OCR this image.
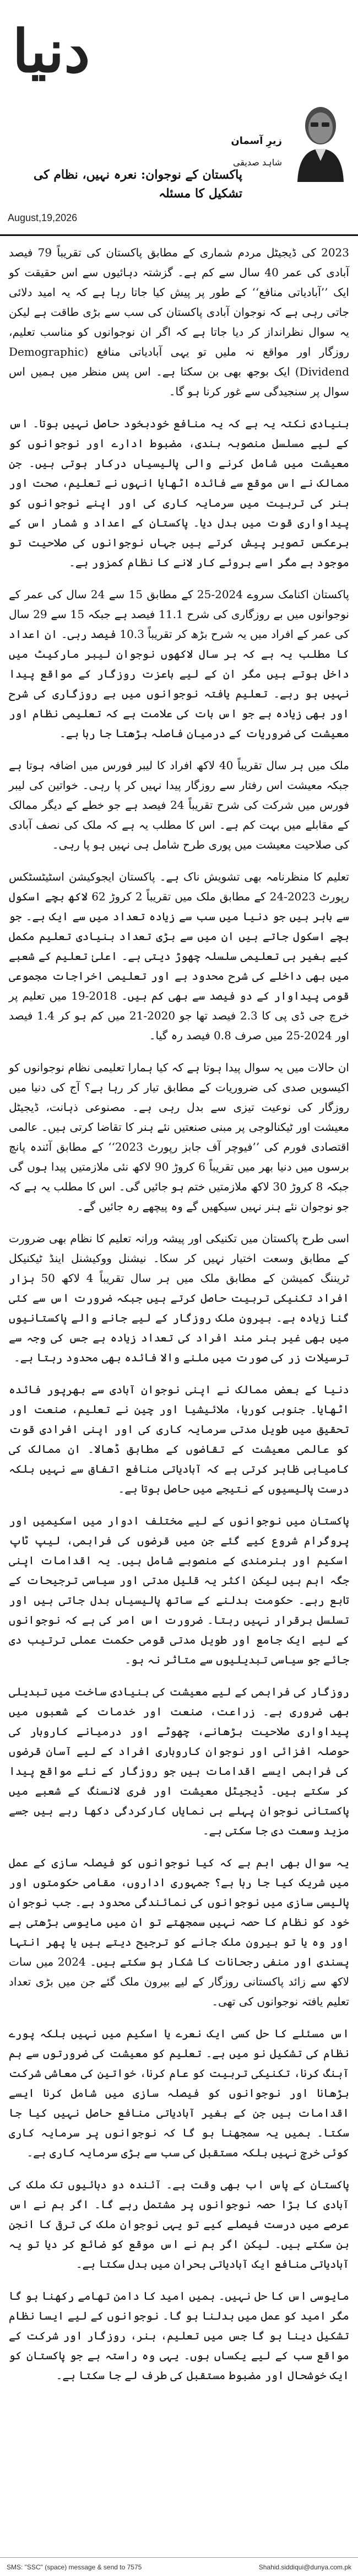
دنیا
زیرِ آسمان
شاہد صدیقی
پاکستان کے نوجوان: نعرہ نہیں، نظام کی تشکیل کا مسئلہ
August,19,2026

2023 کی ڈیجیٹل مردم شماری کے مطابق پاکستان کی تقریباً 79 فیصد آبادی کی عمر 40 سال سے کم ہے۔ گزشتہ دہائیوں سے اس حقیقت کو ایک ’’آبادیاتی منافع‘‘ کے طور پر پیش کیا جاتا رہا ہے کہ یہ امید دلائی جاتی رہی ہے کہ نوجوان آبادی پاکستان کی سب سے بڑی طاقت ہے لیکن یہ سوال نظرانداز کر دیا جاتا ہے کہ اگر ان نوجوانوں کو مناسب تعلیم، روزگار اور مواقع نہ ملیں تو یہی آبادیاتی منافع (Demographic Dividend) ایک بوجھ بھی بن سکتا ہے۔ اس پس منظر میں ہمیں اس سوال پر سنجیدگی سے غور کرنا ہو گا۔

بنیادی نکتہ یہ ہے کہ یہ منافع خودبخود حاصل نہیں ہوتا۔ اس کے لیے مسلسل منصوبہ بندی، مضبوط ادارے اور نوجوانوں کو معیشت میں شامل کرنے والی پالیسیاں درکار ہوتی ہیں۔ جن ممالک نے اس موقع سے فائدہ اٹھایا انہوں نے تعلیم، صحت اور ہنر کی تربیت میں سرمایہ کاری کی اور اپنے نوجوانوں کو پیداواری قوت میں بدل دیا۔ پاکستان کے اعداد و شمار اس کے برعکس تصویر پیش کرتے ہیں جہاں نوجوانوں کی صلاحیت تو موجود ہے مگر اسے بروئے کار لانے کا نظام کمزور ہے۔

پاکستان اکنامک سروے 2024-25 کے مطابق 15 سے 24 سال کی عمر کے نوجوانوں میں بے روزگاری کی شرح 11.1 فیصد ہے جبکہ 15 سے 29 سال کی عمر کے افراد میں یہ شرح بڑھ کر تقریباً 10.3 فیصد رہی۔ ان اعداد کا مطلب یہ ہے کہ ہر سال لاکھوں نوجوان لیبر مارکیٹ میں داخل ہوتے ہیں مگر ان کے لیے باعزت روزگار کے مواقع پیدا نہیں ہو رہے۔ تعلیم یافتہ نوجوانوں میں بے روزگاری کی شرح اور بھی زیادہ ہے جو اس بات کی علامت ہے کہ تعلیمی نظام اور معیشت کی ضروریات کے درمیان فاصلہ بڑھتا جا رہا ہے۔

ملک میں ہر سال تقریباً 40 لاکھ افراد کا لیبر فورس میں اضافہ ہوتا ہے جبکہ معیشت اس رفتار سے روزگار پیدا نہیں کر پا رہی۔ خواتین کی لیبر فورس میں شرکت کی شرح تقریباً 24 فیصد ہے جو خطے کے دیگر ممالک کے مقابلے میں بہت کم ہے۔ اس کا مطلب یہ ہے کہ ملک کی نصف آبادی کی صلاحیت معیشت میں پوری طرح شامل ہی نہیں ہو پا رہی۔

تعلیم کا منظرنامہ بھی تشویش ناک ہے۔ پاکستان ایجوکیشن اسٹیٹسٹکس رپورٹ 2023-24 کے مطابق ملک میں تقریباً 2 کروڑ 62 لاکھ بچے اسکول سے باہر ہیں جو دنیا میں سب سے زیادہ تعداد میں سے ایک ہے۔ جو بچے اسکول جاتے ہیں ان میں سے بڑی تعداد بنیادی تعلیم مکمل کیے بغیر ہی تعلیمی سلسلہ چھوڑ دیتی ہے۔ اعلیٰ تعلیم کے شعبے میں بھی داخلے کی شرح محدود ہے اور تعلیمی اخراجات مجموعی قومی پیداوار کے دو فیصد سے بھی کم ہیں۔ 2018-19 میں تعلیم پر خرچ جی ڈی پی کا 2.3 فیصد تھا جو 2020-21 میں کم ہو کر 1.4 فیصد اور 2024-25 میں صرف 0.8 فیصد رہ گیا۔

ان حالات میں یہ سوال پیدا ہوتا ہے کہ کیا ہمارا تعلیمی نظام نوجوانوں کو اکیسویں صدی کی ضروریات کے مطابق تیار کر رہا ہے؟ آج کی دنیا میں روزگار کی نوعیت تیزی سے بدل رہی ہے۔ مصنوعی ذہانت، ڈیجیٹل معیشت اور ٹیکنالوجی پر مبنی صنعتیں نئے ہنر کا تقاضا کرتی ہیں۔ عالمی اقتصادی فورم کی ’’فیوچر آف جابز رپورٹ 2023‘‘ کے مطابق آئندہ پانچ برسوں میں دنیا بھر میں تقریباً 6 کروڑ 90 لاکھ نئی ملازمتیں پیدا ہوں گی جبکہ 8 کروڑ 30 لاکھ ملازمتیں ختم ہو جائیں گی۔ اس کا مطلب یہ ہے کہ جو نوجوان نئے ہنر نہیں سیکھیں گے وہ پیچھے رہ جائیں گے۔

اسی طرح پاکستان میں تکنیکی اور پیشہ ورانہ تعلیم کا نظام بھی ضرورت کے مطابق وسعت اختیار نہیں کر سکا۔ نیشنل ووکیشنل اینڈ ٹیکنیکل ٹریننگ کمیشن کے مطابق ملک میں ہر سال تقریباً 4 لاکھ 50 ہزار افراد تکنیکی تربیت حاصل کرتے ہیں جبکہ ضرورت اس سے کئی گنا زیادہ ہے۔ بیرون ملک روزگار کے لیے جانے والے پاکستانیوں میں بھی غیر ہنر مند افراد کی تعداد زیادہ ہے جس کی وجہ سے ترسیلات زر کی صورت میں ملنے والا فائدہ بھی محدود رہتا ہے۔

دنیا کے بعض ممالک نے اپنی نوجوان آبادی سے بھرپور فائدہ اٹھایا۔ جنوبی کوریا، ملائیشیا اور چین نے تعلیم، صنعت اور تحقیق میں طویل مدتی سرمایہ کاری کی اور اپنی افرادی قوت کو عالمی معیشت کے تقاضوں کے مطابق ڈھالا۔ ان ممالک کی کامیابی ظاہر کرتی ہے کہ آبادیاتی منافع اتفاق سے نہیں بلکہ درست پالیسیوں کے نتیجے میں حاصل ہوتا ہے۔

پاکستان میں نوجوانوں کے لیے مختلف ادوار میں اسکیمیں اور پروگرام شروع کیے گئے جن میں قرضوں کی فراہمی، لیپ ٹاپ اسکیم اور ہنرمندی کے منصوبے شامل ہیں۔ یہ اقدامات اپنی جگہ اہم ہیں لیکن اکثر یہ قلیل مدتی اور سیاسی ترجیحات کے تابع رہے۔ حکومت بدلنے کے ساتھ پالیسیاں بدل جاتی ہیں اور تسلسل برقرار نہیں رہتا۔ ضرورت اس امر کی ہے کہ نوجوانوں کے لیے ایک جامع اور طویل مدتی قومی حکمت عملی ترتیب دی جائے جو سیاسی تبدیلیوں سے متاثر نہ ہو۔

روزگار کی فراہمی کے لیے معیشت کی بنیادی ساخت میں تبدیلی بھی ضروری ہے۔ زراعت، صنعت اور خدمات کے شعبوں میں پیداواری صلاحیت بڑھانے، چھوٹے اور درمیانے کاروبار کی حوصلہ افزائی اور نوجوان کاروباری افراد کے لیے آسان قرضوں کی فراہمی ایسے اقدامات ہیں جو روزگار کے نئے مواقع پیدا کر سکتے ہیں۔ ڈیجیٹل معیشت اور فری لانسنگ کے شعبے میں پاکستانی نوجوان پہلے ہی نمایاں کارکردگی دکھا رہے ہیں جسے مزید وسعت دی جا سکتی ہے۔

یہ سوال بھی اہم ہے کہ کیا نوجوانوں کو فیصلہ سازی کے عمل میں شریک کیا جا رہا ہے؟ جمہوری اداروں، مقامی حکومتوں اور پالیسی سازی میں نوجوانوں کی نمائندگی محدود ہے۔ جب نوجوان خود کو نظام کا حصہ نہیں سمجھتے تو ان میں مایوسی بڑھتی ہے اور وہ یا تو بیرون ملک جانے کو ترجیح دیتے ہیں یا پھر انتہا پسندی اور منفی رجحانات کا شکار ہو سکتے ہیں۔ 2024 میں سات لاکھ سے زائد پاکستانی روزگار کے لیے بیرون ملک گئے جن میں بڑی تعداد تعلیم یافتہ نوجوانوں کی تھی۔

اس مسئلے کا حل کسی ایک نعرے یا اسکیم میں نہیں بلکہ پورے نظام کی تشکیل نو میں ہے۔ تعلیم کو معیشت کی ضرورتوں سے ہم آہنگ کرنا، تکنیکی تربیت کو عام کرنا، خواتین کی معاشی شرکت بڑھانا اور نوجوانوں کو فیصلہ سازی میں شامل کرنا ایسے اقدامات ہیں جن کے بغیر آبادیاتی منافع حاصل نہیں کیا جا سکتا۔ ہمیں یہ سمجھنا ہو گا کہ نوجوانوں پر سرمایہ کاری کوئی خرچ نہیں بلکہ مستقبل کی سب سے بڑی سرمایہ کاری ہے۔

پاکستان کے پاس اب بھی وقت ہے۔ آئندہ دو دہائیوں تک ملک کی آبادی کا بڑا حصہ نوجوانوں پر مشتمل رہے گا۔ اگر ہم نے اس عرصے میں درست فیصلے کیے تو یہی نوجوان ملک کی ترقی کا انجن بن سکتے ہیں۔ لیکن اگر ہم نے اس موقع کو ضائع کر دیا تو یہ آبادیاتی منافع ایک آبادیاتی بحران میں بدل سکتا ہے۔

مایوسی اس کا حل نہیں۔ ہمیں امید کا دامن تھامے رکھنا ہو گا مگر امید کو عمل میں بدلنا ہو گا۔ نوجوانوں کے لیے ایسا نظام تشکیل دینا ہو گا جس میں تعلیم، ہنر، روزگار اور شرکت کے مواقع سب کے لیے یکساں ہوں۔ یہی وہ راستہ ہے جو پاکستان کو ایک خوشحال اور مضبوط مستقبل کی طرف لے جا سکتا ہے۔

SMS: "SSC" (space) message & send to 7575	Shahid.siddiqui@dunya.com.pk
